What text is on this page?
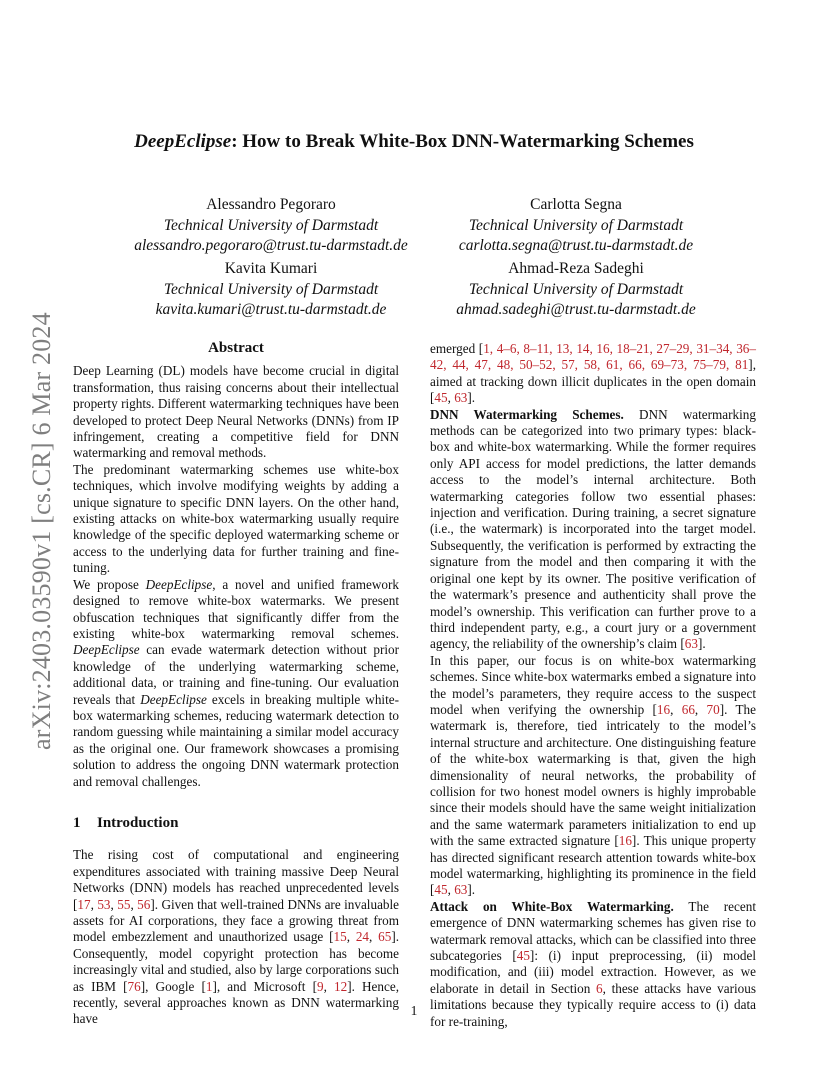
arXiv:2403.03590v1 [cs.CR] 6 Mar 2024
DeepEclipse: How to Break White-Box DNN-Watermarking Schemes
Alessandro Pegoraro
Technical University of Darmstadt
alessandro.pegoraro@trust.tu-darmstadt.de
Carlotta Segna
Technical University of Darmstadt
carlotta.segna@trust.tu-darmstadt.de
Kavita Kumari
Technical University of Darmstadt
kavita.kumari@trust.tu-darmstadt.de
Ahmad-Reza Sadeghi
Technical University of Darmstadt
ahmad.sadeghi@trust.tu-darmstadt.de
Abstract

Deep Learning (DL) models have become crucial in digital transformation, thus raising concerns about their intellectual property rights. Different watermarking techniques have been developed to protect Deep Neural Networks (DNNs) from IP infringement, creating a competitive field for DNN watermarking and removal methods.

The predominant watermarking schemes use white-box techniques, which involve modifying weights by adding a unique signature to specific DNN layers. On the other hand, existing attacks on white-box watermarking usually require knowledge of the specific deployed watermarking scheme or access to the underlying data for further training and fine-tuning.

We propose DeepEclipse, a novel and unified framework designed to remove white-box watermarks. We present obfuscation techniques that significantly differ from the existing white-box watermarking removal schemes. DeepEclipse can evade watermark detection without prior knowledge of the underlying watermarking scheme, additional data, or training and fine-tuning. Our evaluation reveals that DeepEclipse excels in breaking multiple white-box watermarking schemes, reducing watermark detection to random guessing while maintaining a similar model accuracy as the original one. Our framework showcases a promising solution to address the ongoing DNN watermark protection and removal challenges.

1 Introduction

The rising cost of computational and engineering expenditures associated with training massive Deep Neural Networks (DNN) models has reached unprecedented levels [17, 53, 55, 56]. Given that well-trained DNNs are invaluable assets for AI corporations, they face a growing threat from model embezzlement and unauthorized usage [15, 24, 65]. Consequently, model copyright protection has become increasingly vital and studied, also by large corporations such as IBM [76], Google [1], and Microsoft [9, 12]. Hence, recently, several approaches known as DNN watermarking have

emerged [1, 4–6, 8–11, 13, 14, 16, 18–21, 27–29, 31–34, 36–42, 44, 47, 48, 50–52, 57, 58, 61, 66, 69–73, 75–79, 81], aimed at tracking down illicit duplicates in the open domain [45, 63].

DNN Watermarking Schemes. DNN watermarking methods can be categorized into two primary types: black-box and white-box watermarking. While the former requires only API access for model predictions, the latter demands access to the model’s internal architecture. Both watermarking categories follow two essential phases: injection and verification. During training, a secret signature (i.e., the watermark) is incorporated into the target model. Subsequently, the verification is performed by extracting the signature from the model and then comparing it with the original one kept by its owner. The positive verification of the watermark’s presence and authenticity shall prove the model’s ownership. This verification can further prove to a third independent party, e.g., a court jury or a government agency, the reliability of the ownership’s claim [63].

In this paper, our focus is on white-box watermarking schemes. Since white-box watermarks embed a signature into the model’s parameters, they require access to the suspect model when verifying the ownership [16, 66, 70]. The watermark is, therefore, tied intricately to the model’s internal structure and architecture. One distinguishing feature of the white-box watermarking is that, given the high dimensionality of neural networks, the probability of collision for two honest model owners is highly improbable since their models should have the same weight initialization and the same watermark parameters initialization to end up with the same extracted signature [16]. This unique property has directed significant research attention towards white-box model watermarking, highlighting its prominence in the field [45, 63].

Attack on White-Box Watermarking. The recent emergence of DNN watermarking schemes has given rise to watermark removal attacks, which can be classified into three subcategories [45]: (i) input preprocessing, (ii) model modification, and (iii) model extraction. However, as we elaborate in detail in Section 6, these attacks have various limitations because they typically require access to (i) data for re-training,

1
